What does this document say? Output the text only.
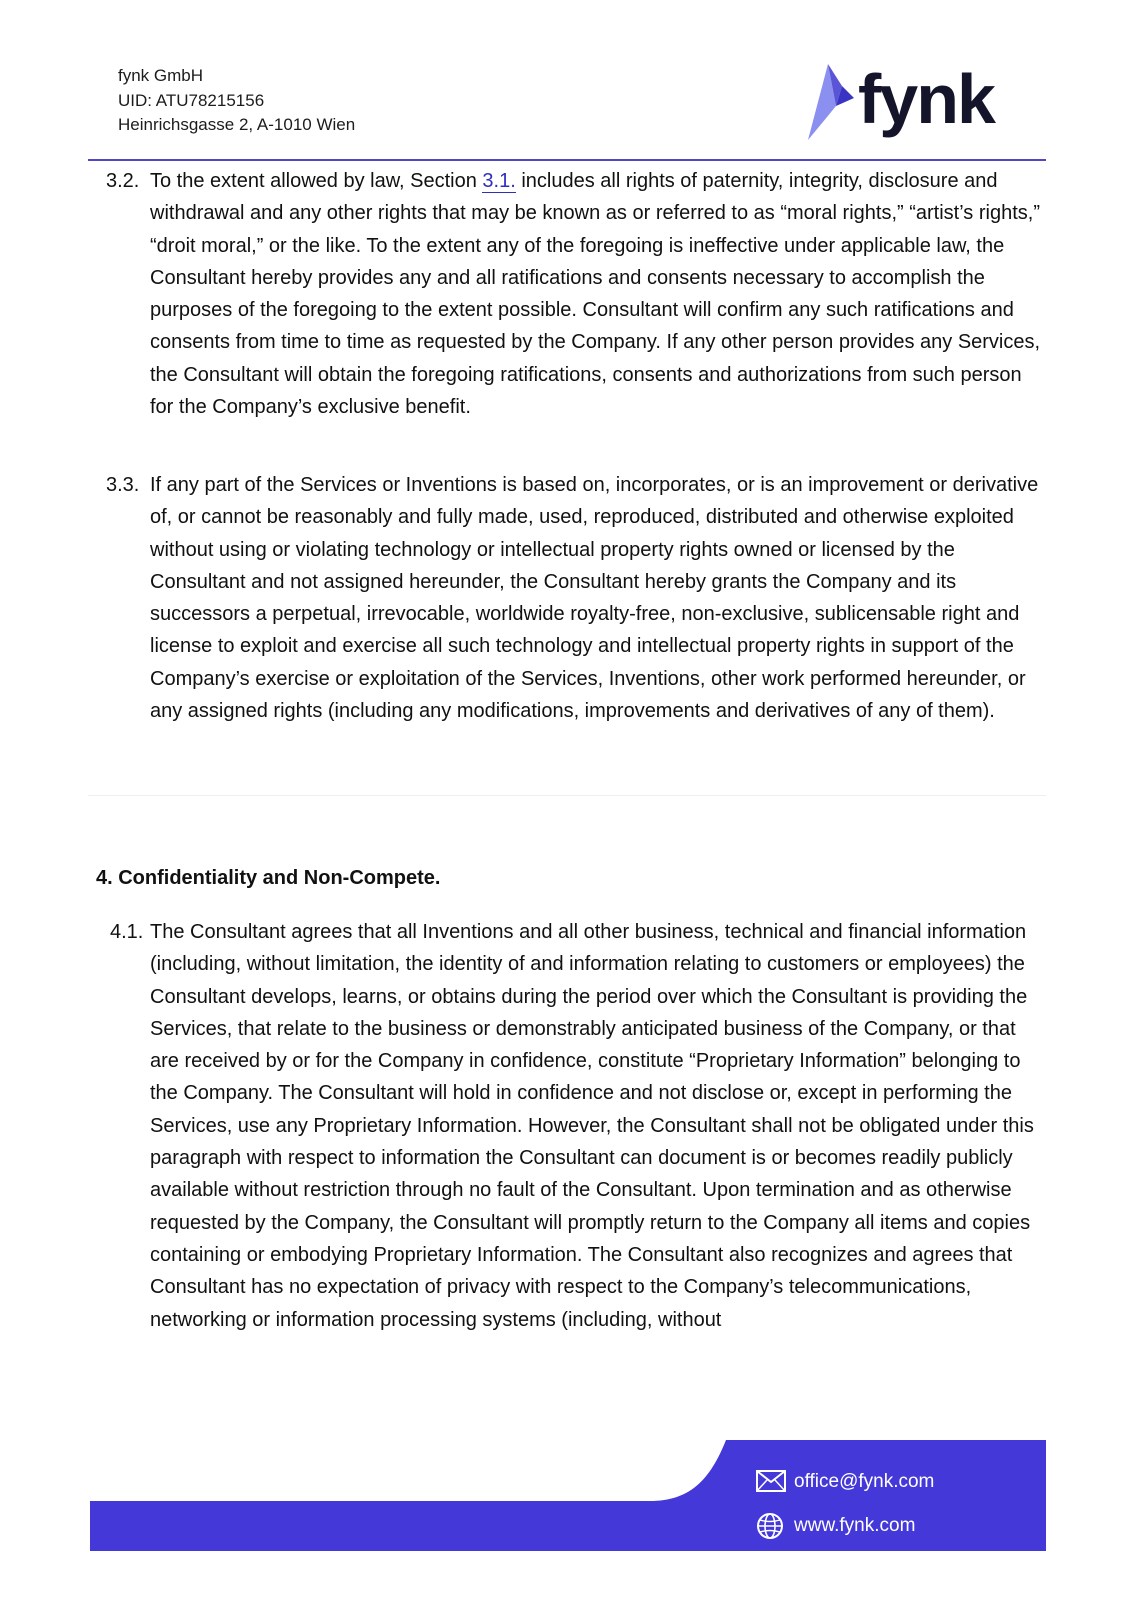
fynk GmbH
UID: ATU78215156
Heinrichsgasse 2, A-1010 Wien	fynk
3.2. To the extent allowed by law, Section 3.1. includes all rights of paternity, integrity, disclosure and withdrawal and any other rights that may be known as or referred to as “moral rights,” “artist’s rights,” “droit moral,” or the like. To the extent any of the foregoing is ineffective under applicable law, the Consultant hereby provides any and all ratifications and consents necessary to accomplish the purposes of the foregoing to the extent possible. Consultant will confirm any such ratifications and consents from time to time as requested by the Company. If any other person provides any Services, the Consultant will obtain the foregoing ratifications, consents and authorizations from such person for the Company’s exclusive benefit.
3.3. If any part of the Services or Inventions is based on, incorporates, or is an improvement or derivative of, or cannot be reasonably and fully made, used, reproduced, distributed and otherwise exploited without using or violating technology or intellectual property rights owned or licensed by the Consultant and not assigned hereunder, the Consultant hereby grants the Company and its successors a perpetual, irrevocable, worldwide royalty-free, non-exclusive, sublicensable right and license to exploit and exercise all such technology and intellectual property rights in support of the Company’s exercise or exploitation of the Services, Inventions, other work performed hereunder, or any assigned rights (including any modifications, improvements and derivatives of any of them).
4. Confidentiality and Non-Compete.
4.1. The Consultant agrees that all Inventions and all other business, technical and financial information (including, without limitation, the identity of and information relating to customers or employees) the Consultant develops, learns, or obtains during the period over which the Consultant is providing the Services, that relate to the business or demonstrably anticipated business of the Company, or that are received by or for the Company in confidence, constitute “Proprietary Information” belonging to the Company. The Consultant will hold in confidence and not disclose or, except in performing the Services, use any Proprietary Information. However, the Consultant shall not be obligated under this paragraph with respect to information the Consultant can document is or becomes readily publicly available without restriction through no fault of the Consultant. Upon termination and as otherwise requested by the Company, the Consultant will promptly return to the Company all items and copies containing or embodying Proprietary Information. The Consultant also recognizes and agrees that Consultant has no expectation of privacy with respect to the Company’s telecommunications, networking or information processing systems (including, without
office@fynk.com
www.fynk.com
